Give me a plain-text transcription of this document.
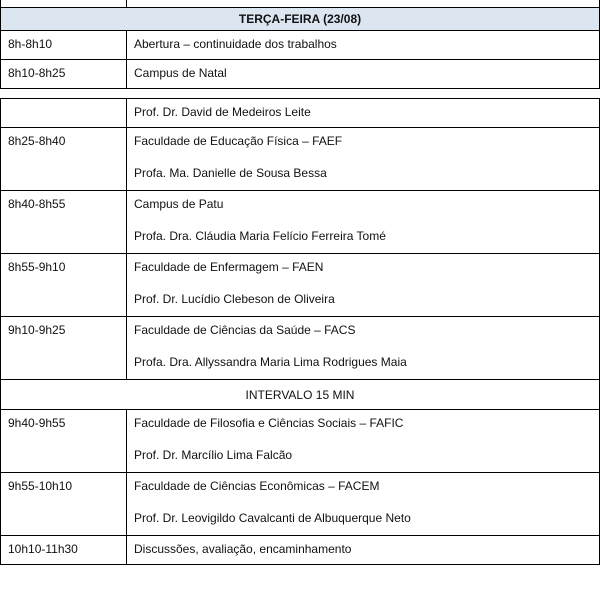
TERÇA-FEIRA (23/08)	
8h-8h10	Abertura – continuidade dos trabalhos
8h10-8h25	Campus de Natal
	Prof. Dr. David de Medeiros Leite
8h25-8h40	Faculdade de Educação Física – FAEF
Profa. Ma. Danielle de Sousa Bessa

8h40-8h55	Campus de Patu
Profa. Dra. Cláudia Maria Felício Ferreira Tomé

8h55-9h10	Faculdade de Enfermagem – FAEN
Prof. Dr. Lucídio Clebeson de Oliveira

9h10-9h25	Faculdade de Ciências da Saúde – FACS
Profa. Dra. Allyssandra Maria Lima Rodrigues Maia

INTERVALO 15 MIN	
9h40-9h55	Faculdade de Filosofia e Ciências Sociais – FAFIC
Prof. Dr. Marcílio Lima Falcão

9h55-10h10	Faculdade de Ciências Econômicas – FACEM
Prof. Dr. Leovigildo Cavalcanti de Albuquerque Neto

10h10-11h30	Discussões, avaliação, encaminhamento
